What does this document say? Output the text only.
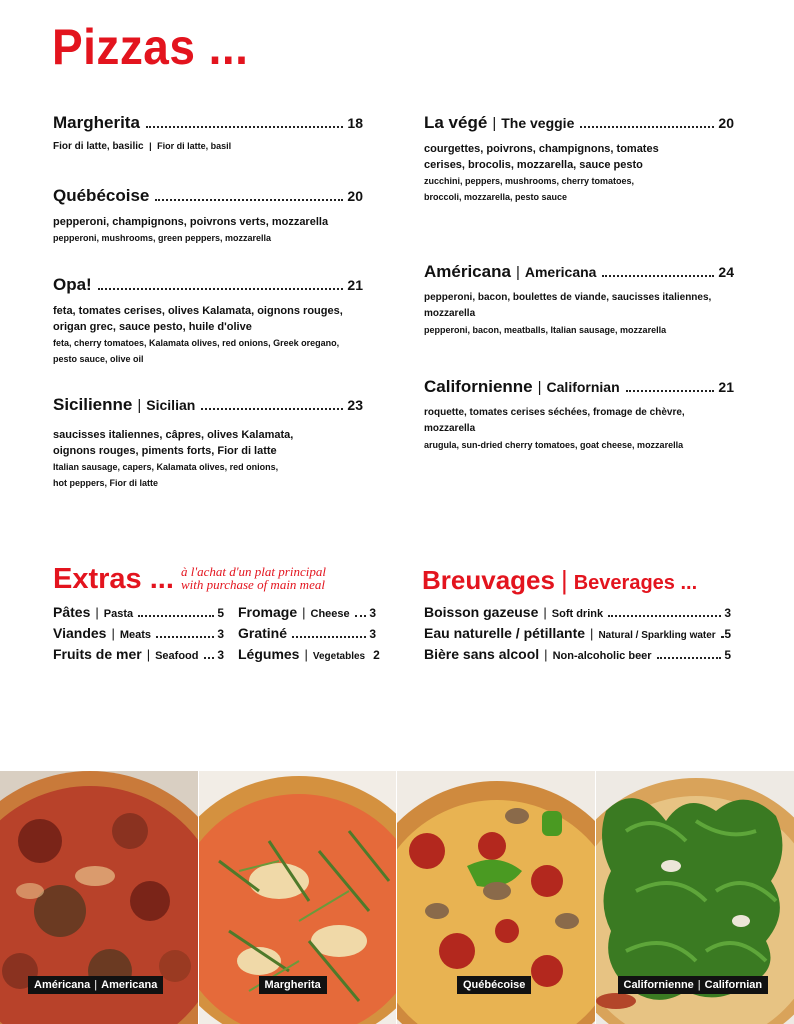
Pizzas ...
Margherita	18
Fior di latte, basilic | Fior di latte, basil
Québécoise	20
pepperoni, champignons, poivrons verts, mozzarella
pepperoni, mushrooms, green peppers, mozzarella
Opa!	21
feta, tomates cerises, olives Kalamata, oignons rouges,
origan grec, sauce pesto, huile d'olive
feta, cherry tomatoes, Kalamata olives, red onions, Greek oregano,
pesto sauce, olive oil
Sicilienne | Sicilian	23
saucisses italiennes, câpres, olives Kalamata,
oignons rouges, piments forts, Fior di latte
Italian sausage, capers, Kalamata olives, red onions,
hot peppers, Fior di latte
La végé | The veggie	20
courgettes, poivrons, champignons, tomates
cerises, brocolis, mozzarella, sauce pesto
zucchini, peppers, mushrooms, cherry tomatoes,
broccoli, mozzarella, pesto sauce
Américana | Americana	24
pepperoni, bacon, boulettes de viande, saucisses italiennes, mozzarella
pepperoni, bacon, meatballs, Italian sausage, mozzarella
Californienne | Californian	21
roquette, tomates cerises séchées, fromage de chèvre, mozzarella
arugula, sun-dried cherry tomatoes, goat cheese, mozzarella
Extras ... à l'achat d'un plat principal
with purchase of main meal
Pâtes | Pasta	5
Viandes | Meats	3
Fruits de mer | Seafood 3
Fromage | Cheese 3
Gratiné	3
Légumes | Vegetables 2
Breuvages | Beverages ...
Boisson gazeuse | Soft drink	3
Eau naturelle / pétillante | Natural / Sparkling water 5
Bière sans alcool | Non-alcoholic beer	5
Américana | Americana	Margherita	Québécoise	Californienne | Californian
